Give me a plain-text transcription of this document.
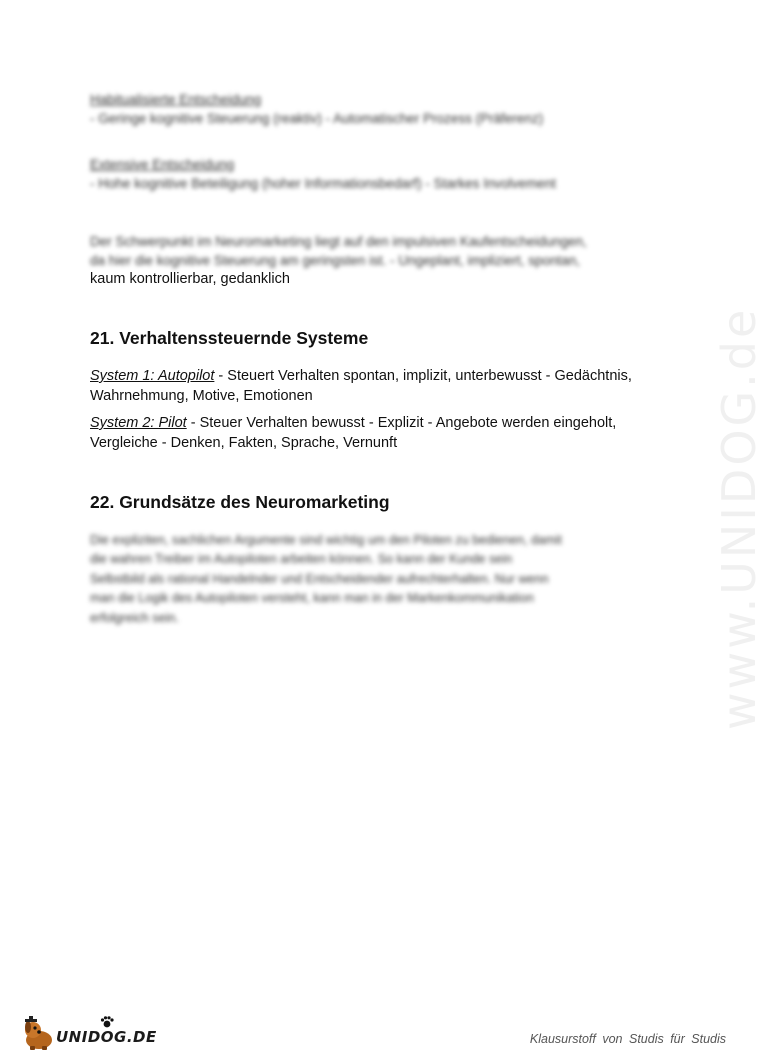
Habitualisierte Entscheidung
- Geringe kognitive Steuerung (reaktiv) - Automatischer Prozess (Präferenz)
Extensive Entscheidung
- Hohe kognitive Beteiligung (hoher Informationsbedarf) - Starkes Involvement
Der Schwerpunkt im Neuromarketing liegt auf den impulsiven Kaufentscheidungen,
da hier die kognitive Steuerung am geringsten ist. - Ungeplant, impliziert, spontan,
kaum kontrollierbar, gedanklich
21. Verhaltenssteuernde Systeme

System 1: Autopilot - Steuert Verhalten spontan, implizit, unterbewusst - Gedächtnis, Wahrnehmung, Motive, Emotionen

System 2: Pilot - Steuer Verhalten bewusst - Explizit - Angebote werden eingeholt, Vergleiche - Denken, Fakten, Sprache, Vernunft

22. Grundsätze des Neuromarketing
Die expliziten, sachlichen Argumente sind wichtig um den Piloten zu bedienen, damit
die wahren Treiber im Autopiloten arbeiten können. So kann der Kunde sein
Selbstbild als rational Handelnder und Entscheidender aufrechterhalten. Nur wenn
man die Logik des Autopiloten versteht, kann man in der Markenkommunikation
erfolgreich sein.	www.UNIDOG.de
UNIDOG.DE	Klausurstoff von Studis für Studis
